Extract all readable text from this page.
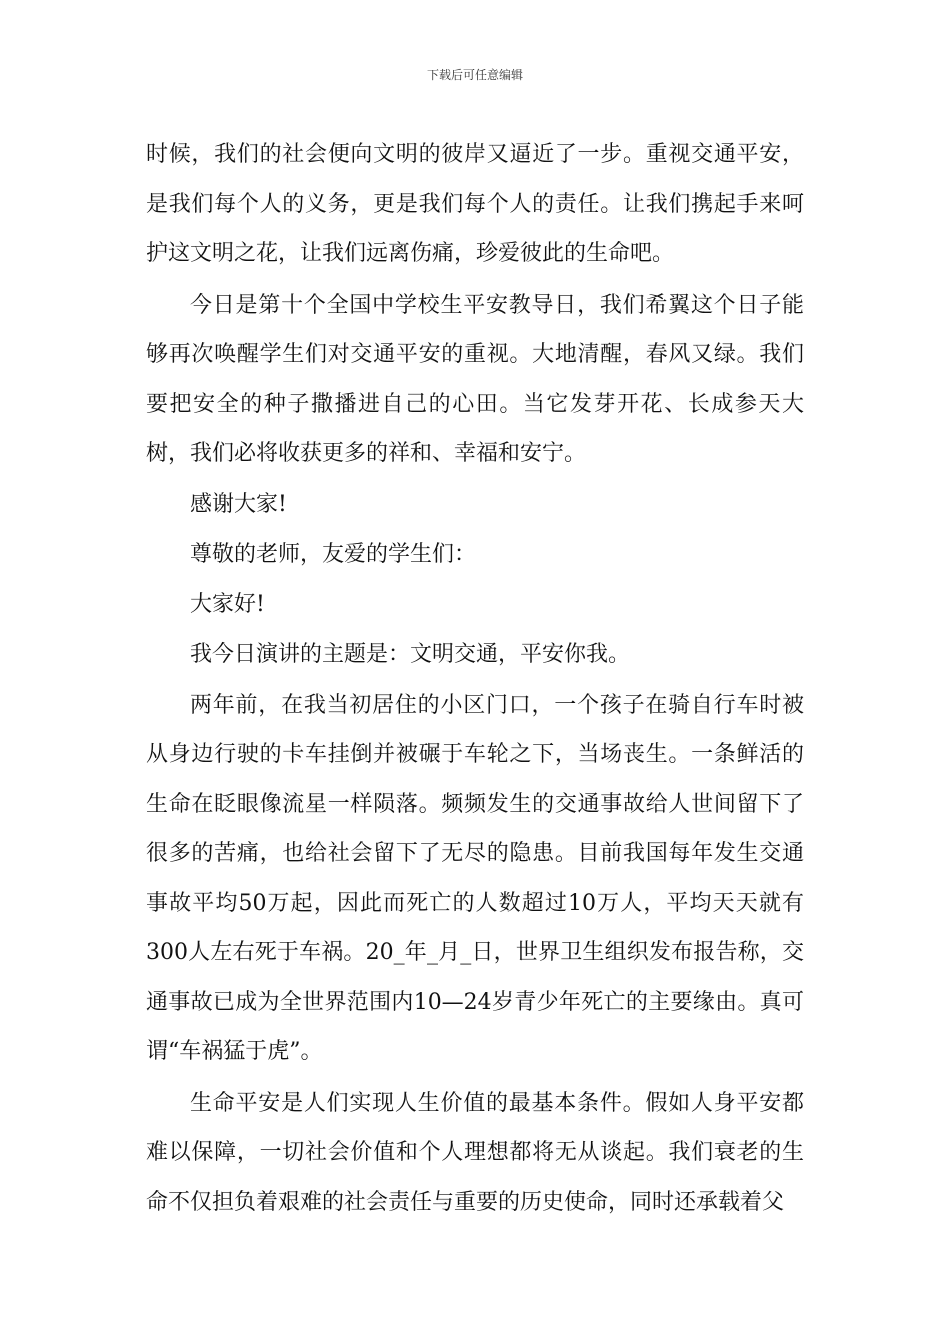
下载后可任意编辑

时候，我们的社会便向文明的彼岸又逼近了一步。重视交通平安，是我们每个人的义务，更是我们每个人的责任。让我们携起手来呵护这文明之花，让我们远离伤痛，珍爱彼此的生命吧。

今日是第十个全国中学校生平安教导日，我们希翼这个日子能够再次唤醒学生们对交通平安的重视。大地清醒，春风又绿。我们要把安全的种子撒播进自己的心田。当它发芽开花、长成参天大树，我们必将收获更多的祥和、幸福和安宁。

感谢大家!

尊敬的老师，友爱的学生们：

大家好!

我今日演讲的主题是：文明交通，平安你我。

两年前，在我当初居住的小区门口，一个孩子在骑自行车时被从身边行驶的卡车挂倒并被碾于车轮之下，当场丧生。一条鲜活的生命在眨眼像流星一样陨落。频频发生的交通事故给人世间留下了很多的苦痛，也给社会留下了无尽的隐患。目前我国每年发生交通事故平均50万起，因此而死亡的人数超过10万人，平均天天就有300人左右死于车祸。20_年_月_日，世界卫生组织发布报告称，交通事故已成为全世界范围内10—24岁青少年死亡的主要缘由。真可谓“车祸猛于虎”。

生命平安是人们实现人生价值的最基本条件。假如人身平安都难以保障，一切社会价值和个人理想都将无从谈起。我们衰老的生命不仅担负着艰难的社会责任与重要的历史使命，同时还承载着父
